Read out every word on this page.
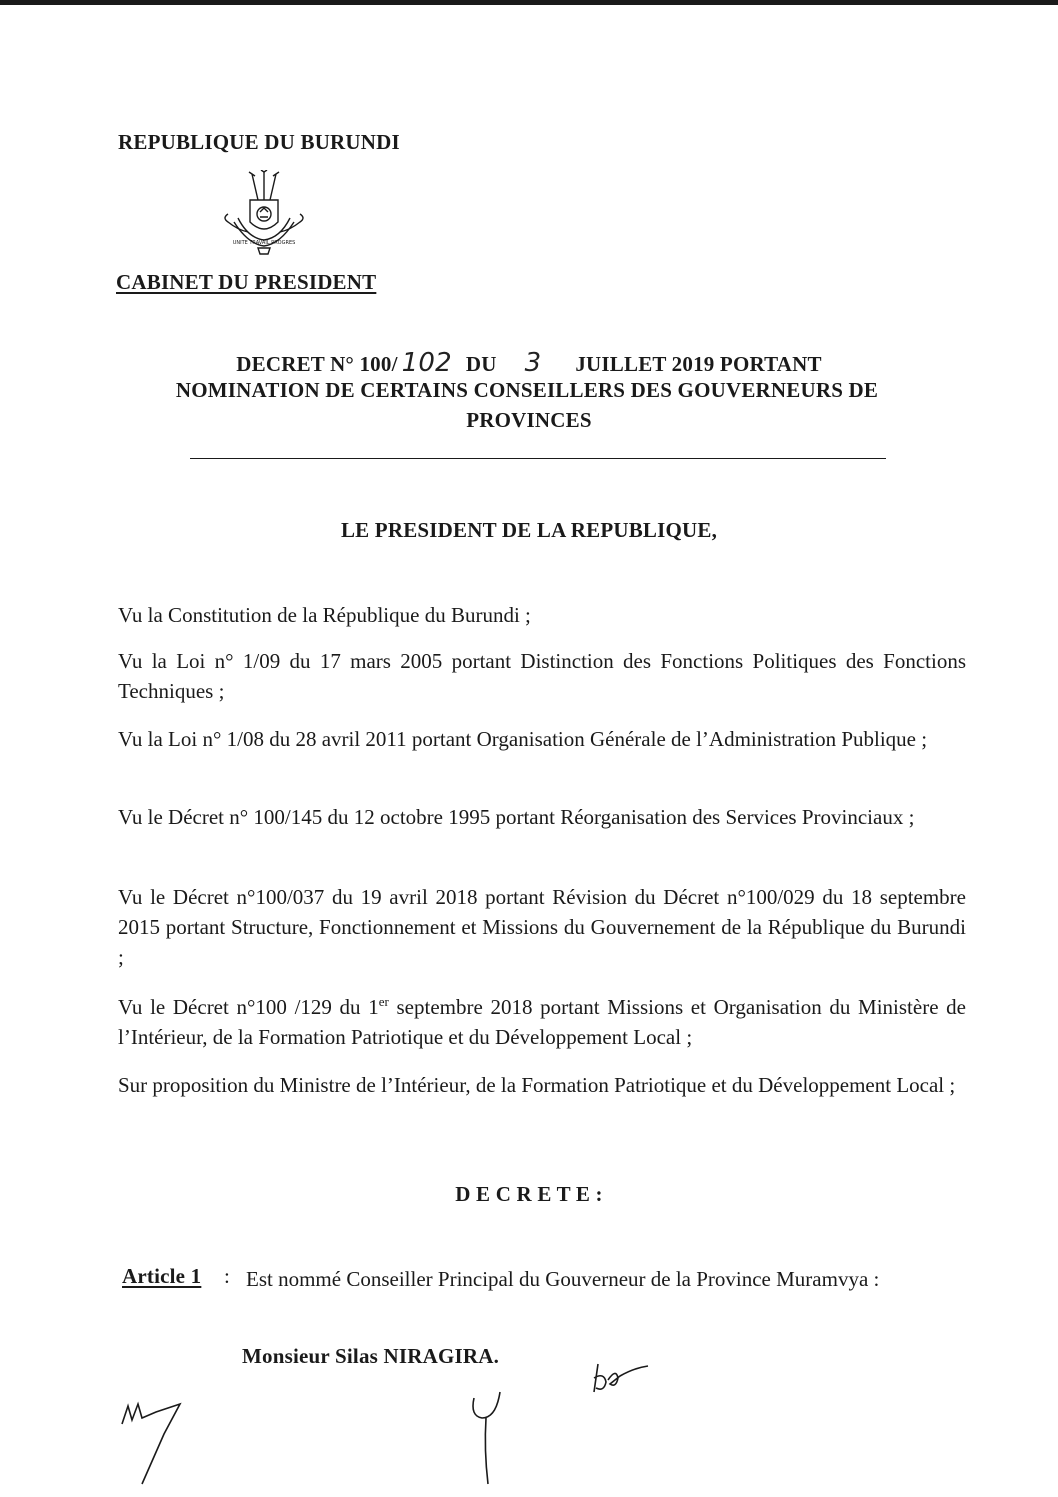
REPUBLIQUE DU BURUNDI
UNITE TRAVAIL PROGRES
CABINET DU PRESIDENT
DECRET N° 100/ 102 DU 3 JUILLET 2019 PORTANT
NOMINATION DE CERTAINS CONSEILLERS DES GOUVERNEURS DE
PROVINCES
LE PRESIDENT DE LA REPUBLIQUE,
Vu la Constitution de la République du Burundi ;
Vu la Loi n° 1/09 du 17 mars 2005 portant Distinction des Fonctions Politiques des Fonctions Techniques ;
Vu la Loi n° 1/08 du 28 avril 2011 portant Organisation Générale de l’Administration Publique ;
Vu le Décret n° 100/145 du 12 octobre 1995 portant Réorganisation des Services Provinciaux ;
Vu le Décret n°100/037 du 19 avril 2018 portant Révision du Décret n°100/029 du 18 septembre 2015 portant Structure, Fonctionnement et Missions du Gouvernement de la République du Burundi ;
Vu le Décret n°100 /129 du 1er septembre 2018 portant Missions et Organisation du Ministère de l’Intérieur, de la Formation Patriotique et du Développement Local ;
Sur proposition du Ministre de l’Intérieur, de la Formation Patriotique et du Développement Local ;
D E C R E T E :
Article 1 : Est nommé Conseiller Principal du Gouverneur de la Province Muramvya :
Monsieur Silas NIRAGIRA.
